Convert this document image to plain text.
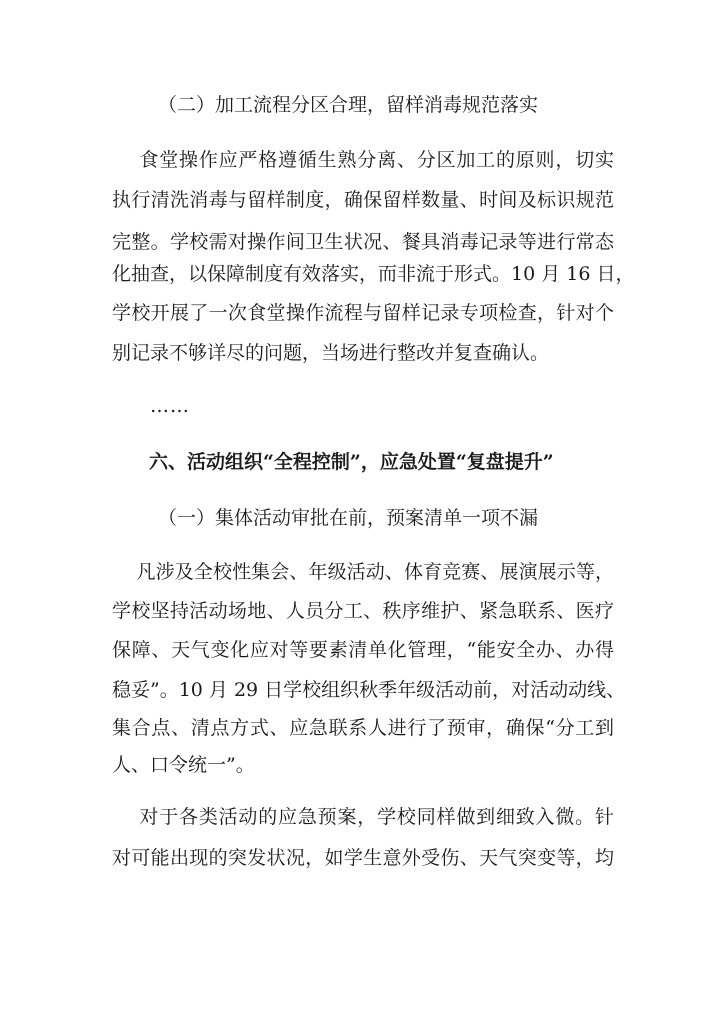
（二）加工流程分区合理，留样消毒规范落实
食堂操作应严格遵循生熟分离、分区加工的原则，切实
执行清洗消毒与留样制度，确保留样数量、时间及标识规范
完整。学校需对操作间卫生状况、餐具消毒记录等进行常态
化抽查，以保障制度有效落实，而非流于形式。10 月 16 日，
学校开展了一次食堂操作流程与留样记录专项检查，针对个
别记录不够详尽的问题，当场进行整改并复查确认。
……
六、活动组织“全程控制”，应急处置“复盘提升”
（一）集体活动审批在前，预案清单一项不漏
凡涉及全校性集会、年级活动、体育竞赛、展演展示等，
学校坚持活动场地、人员分工、秩序维护、紧急联系、医疗
保障、天气变化应对等要素清单化管理，“能安全办、办得
稳妥”。10 月 29 日学校组织秋季年级活动前，对活动动线、
集合点、清点方式、应急联系人进行了预审，确保“分工到
人、口令统一”。
对于各类活动的应急预案，学校同样做到细致入微。针
对可能出现的突发状况，如学生意外受伤、天气突变等，均
